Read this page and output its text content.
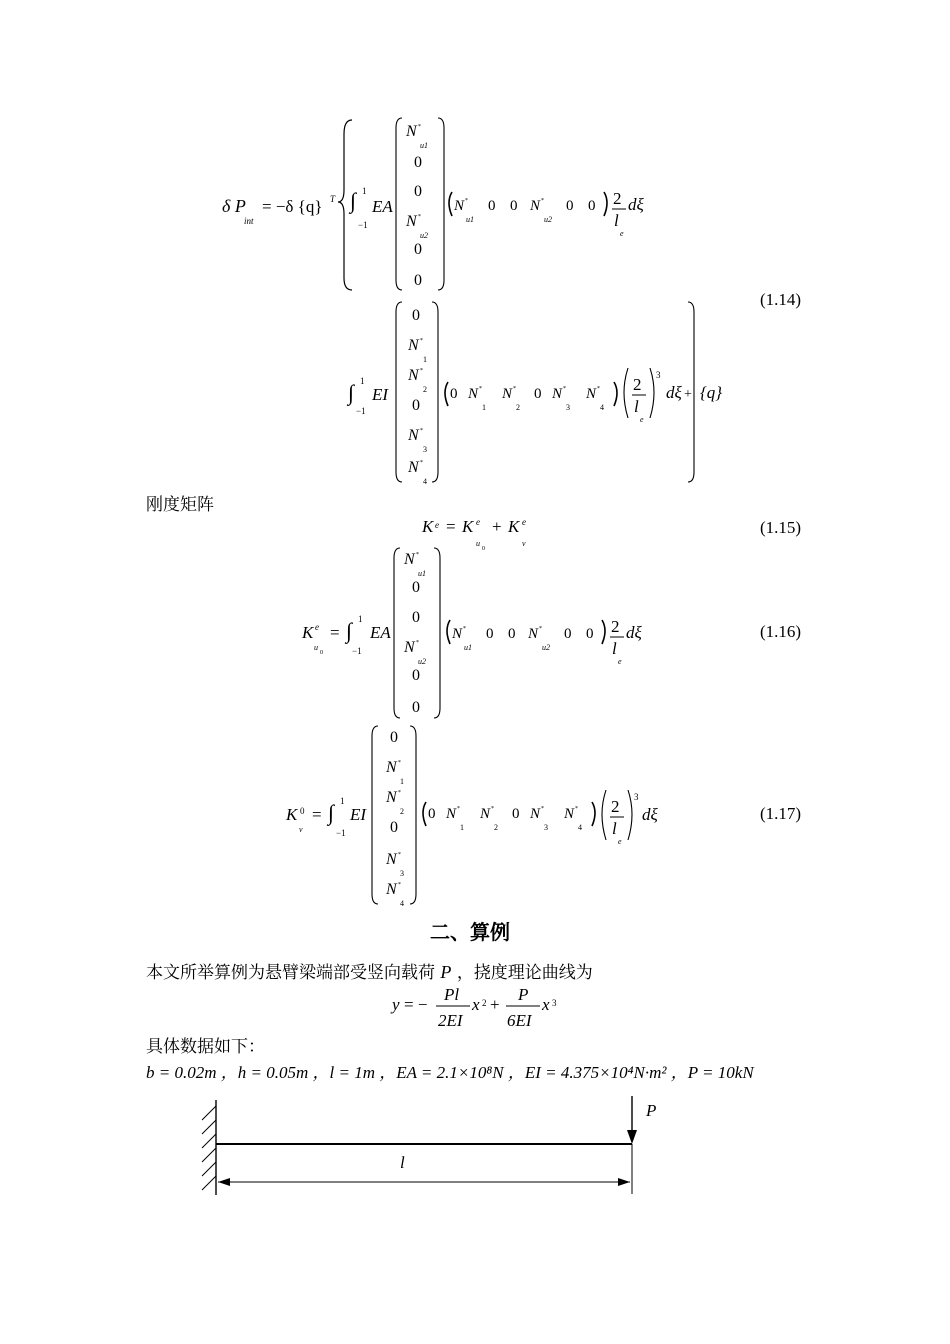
δ P
int
= −δ {q} T ∫ 1
−1
EA
N *
u1
0
0
N *
u2
0
0
N *
u1
0 0 N *
u2
0 0 2
l
e
dξ
∫ 1
−1
EI
0
N *
1
N *
2
0
N *
3
N *
4
0 N *
1
N *
2
0 N *
3
N *
4
2
l
e
3
dξ + {q}
(1.14)
刚度矩阵
K e = K e
u
0
+ K e
v
(1.15)
K e
u
0
= ∫ 1
−1
EA
N *
u1
0
0
N *
u2
0
0
N *
u1
0 0 N *
u2
0 0 2
l
e
dξ	(1.16)
K 0
v
= ∫ 1
−1
EI
0
N *
1
N *
2
0
N *
3
N *
4
0 N *
1
N *
2
0 N *
3
N *
4
2
l
e
3
dξ	(1.17)
二、算例
本文所举算例为悬臂梁端部受竖向载荷 P ，挠度理论曲线为
y = −
Pl
2EI
x 2 +
P
6EI
x 3
具体数据如下：
b = 0.02m ，h = 0.05m ，l = 1m ，EA = 2.1×10⁸N ，EI = 4.375×10⁴N·m² ，P = 10kN
P
l
